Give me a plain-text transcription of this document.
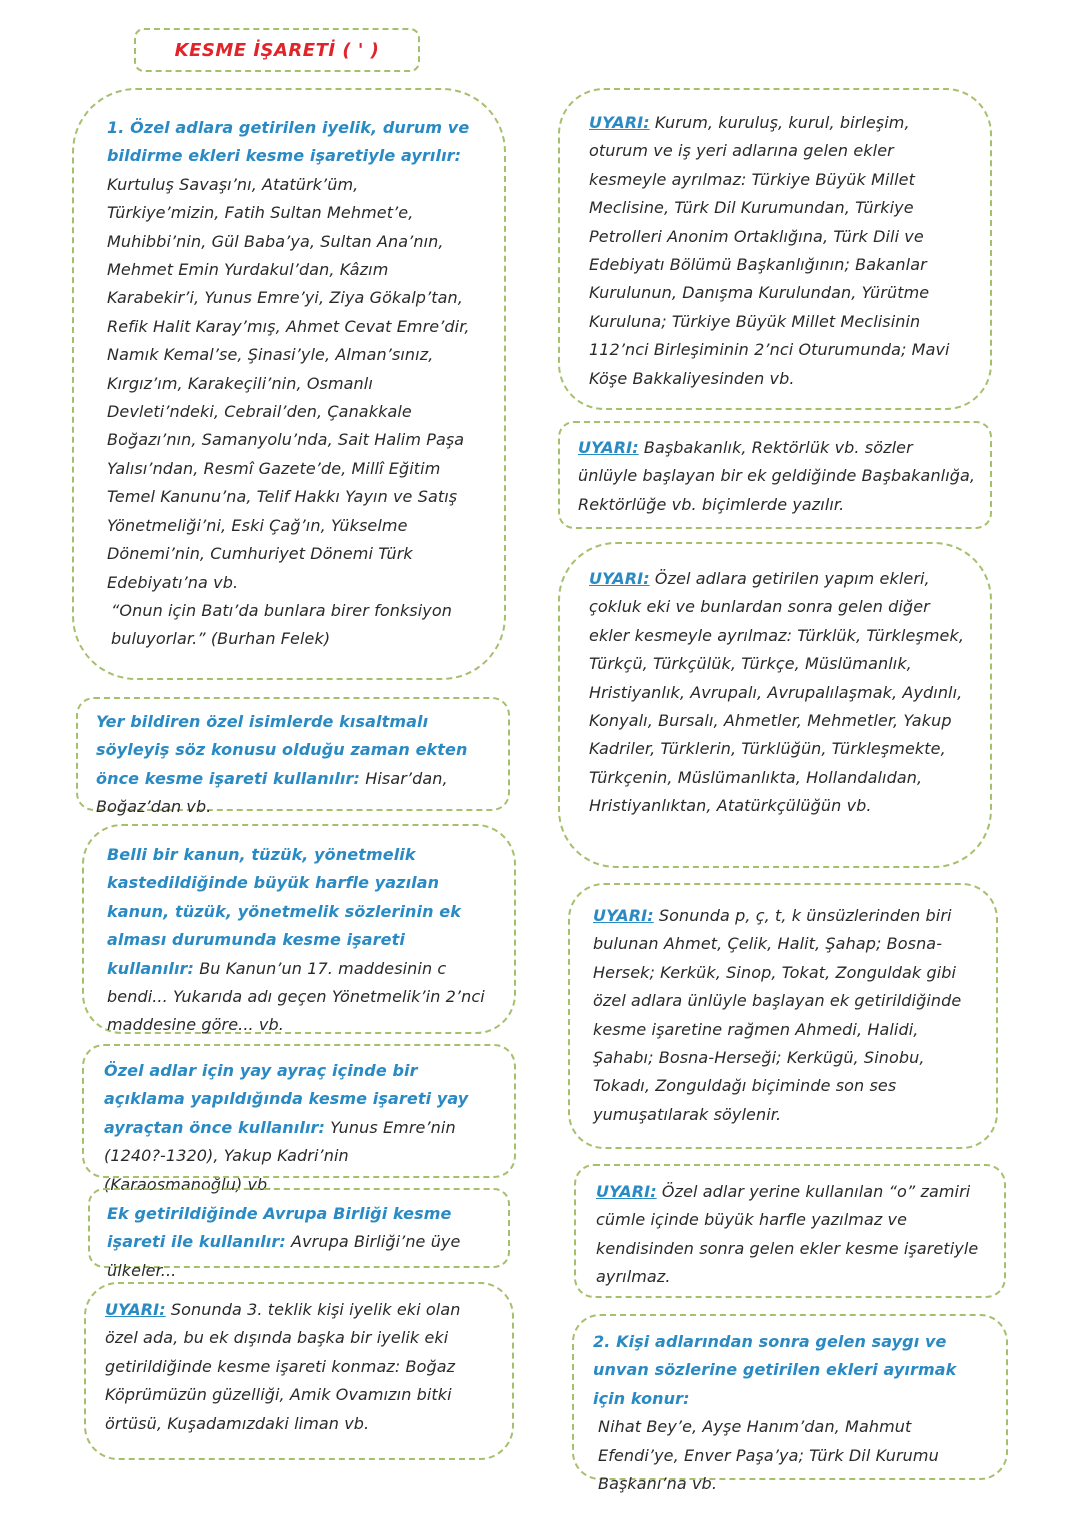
KESME İŞARETİ ( ' )

1. Özel adlara getirilen iyelik, durum ve bildirme ekleri kesme işaretiyle ayrılır: Kurtuluş Savaşı’nı, Atatürk’üm, Türkiye’mizin, Fatih Sultan Mehmet’e, Muhibbi’nin, Gül Baba’ya, Sultan Ana’nın, Mehmet Emin Yurdakul’dan, Kâzım Karabekir’i, Yunus Emre’yi, Ziya Gökalp’tan, Refik Halit Karay’mış, Ahmet Cevat Emre’dir, Namık Kemal’se, Şinasi’yle, Alman’sınız, Kırgız’ım, Karakeçili’nin, Osmanlı Devleti’ndeki, Cebrail’den, Çanakkale Boğazı’nın, Samanyolu’nda, Sait Halim Paşa Yalısı’ndan, Resmî Gazete’de, Millî Eğitim Temel Kanunu’na, Telif Hakkı Yayın ve Satış Yönetmeliği’ni, Eski Çağ’ın, Yükselme Dönemi’nin, Cumhuriyet Dönemi Türk Edebiyatı’na vb.

“Onun için Batı’da bunlara birer fonksiyon buluyorlar.” (Burhan Felek)

Yer bildiren özel isimlerde kısaltmalı söyleyiş söz konusu olduğu zaman ekten önce kesme işareti kullanılır: Hisar’dan, Boğaz’dan vb.

Belli bir kanun, tüzük, yönetmelik kastedildiğinde büyük harfle yazılan kanun, tüzük, yönetmelik sözlerinin ek alması durumunda kesme işareti kullanılır: Bu Kanun’un 17. maddesinin c bendi... Yukarıda adı geçen Yönetmelik’in 2’nci maddesine göre... vb.

Özel adlar için yay ayraç içinde bir açıklama yapıldığında kesme işareti yay ayraçtan önce kullanılır: Yunus Emre’nin (1240?-1320), Yakup Kadri’nin (Karaosmanoğlu) vb.

Ek getirildiğinde Avrupa Birliği kesme işareti ile kullanılır: Avrupa Birliği’ne üye ülkeler...

UYARI: Sonunda 3. teklik kişi iyelik eki olan özel ada, bu ek dışında başka bir iyelik eki getirildiğinde kesme işareti konmaz: Boğaz Köprümüzün güzelliği, Amik Ovamızın bitki örtüsü, Kuşadamızdaki liman vb.

UYARI: Kurum, kuruluş, kurul, birleşim, oturum ve iş yeri adlarına gelen ekler kesmeyle ayrılmaz: Türkiye Büyük Millet Meclisine, Türk Dil Kurumundan, Türkiye Petrolleri Anonim Ortaklığına, Türk Dili ve Edebiyatı Bölümü Başkanlığının; Bakanlar Kurulunun, Danışma Kurulundan, Yürütme Kuruluna; Türkiye Büyük Millet Meclisinin 112’nci Birleşiminin 2’nci Oturumunda; Mavi Köşe Bakkaliyesinden vb.

UYARI: Başbakanlık, Rektörlük vb. sözler ünlüyle başlayan bir ek geldiğinde Başbakanlığa, Rektörlüğe vb. biçimlerde yazılır.

UYARI: Özel adlara getirilen yapım ekleri, çokluk eki ve bunlardan sonra gelen diğer ekler kesmeyle ayrılmaz: Türklük, Türkleşmek, Türkçü, Türkçülük, Türkçe, Müslümanlık, Hristiyanlık, Avrupalı, Avrupalılaşmak, Aydınlı, Konyalı, Bursalı, Ahmetler, Mehmetler, Yakup Kadriler, Türklerin, Türklüğün, Türkleşmekte, Türkçenin, Müslümanlıkta, Hollandalıdan, Hristiyanlıktan, Atatürkçülüğün vb.

UYARI: Sonunda p, ç, t, k ünsüzlerinden biri bulunan Ahmet, Çelik, Halit, Şahap; Bosna-Hersek; Kerkük, Sinop, Tokat, Zonguldak gibi özel adlara ünlüyle başlayan ek getirildiğinde kesme işaretine rağmen Ahmedi, Halidi, Şahabı; Bosna-Herseği; Kerkügü, Sinobu, Tokadı, Zonguldağı biçiminde son ses yumuşatılarak söylenir.

UYARI: Özel adlar yerine kullanılan “o” zamiri cümle içinde büyük harfle yazılmaz ve kendisinden sonra gelen ekler kesme işaretiyle ayrılmaz.

2. Kişi adlarından sonra gelen saygı ve unvan sözlerine getirilen ekleri ayırmak için konur:

Nihat Bey’e, Ayşe Hanım’dan, Mahmut Efendi’ye, Enver Paşa’ya; Türk Dil Kurumu Başkanı’na vb.
